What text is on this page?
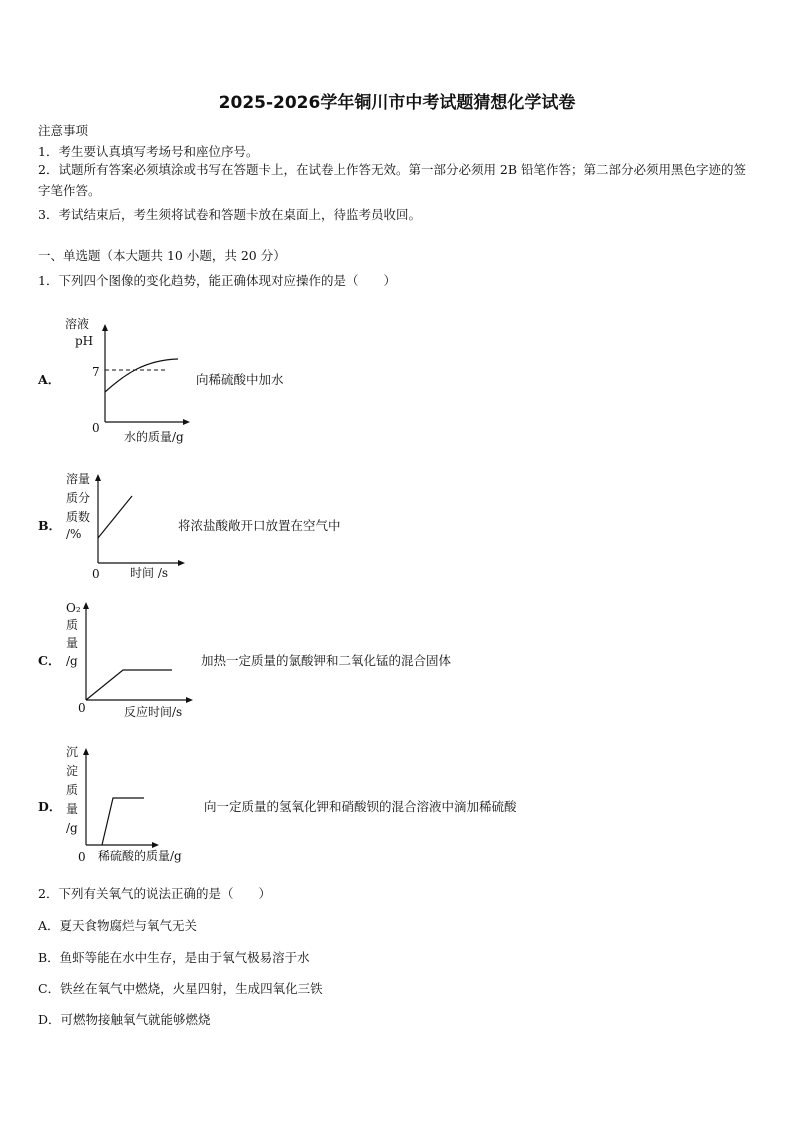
2025-2026学年铜川市中考试题猜想化学试卷
注意事项
1．考生要认真填写考场号和座位序号。
2．试题所有答案必须填涂或书写在答题卡上，在试卷上作答无效。第一部分必须用 2B 铅笔作答；第二部分必须用黑色字迹的签字笔作答。
3．考试结束后，考生须将试卷和答题卡放在桌面上，待监考员收回。
一、单选题（本大题共 10 小题，共 20 分）
1．下列四个图像的变化趋势，能正确体现对应操作的是（　　）
A．
溶液
pH
7
0
水的质量/g
向稀硫酸中加水
B．
溶量
质分
质数
/%
0	时间 /s
将浓盐酸敞开口放置在空气中
C．
O₂
质
量
/g
0	反应时间/s
加热一定质量的氯酸钾和二氧化锰的混合固体
D．
沉
淀
质
量
/g
0 稀硫酸的质量/g
向一定质量的氢氧化钾和硝酸钡的混合溶液中滴加稀硫酸
2．下列有关氧气的说法正确的是（　　）
A．夏天食物腐烂与氧气无关
B．鱼虾等能在水中生存，是由于氧气极易溶于水
C．铁丝在氧气中燃烧，火星四射，生成四氧化三铁
D．可燃物接触氧气就能够燃烧
